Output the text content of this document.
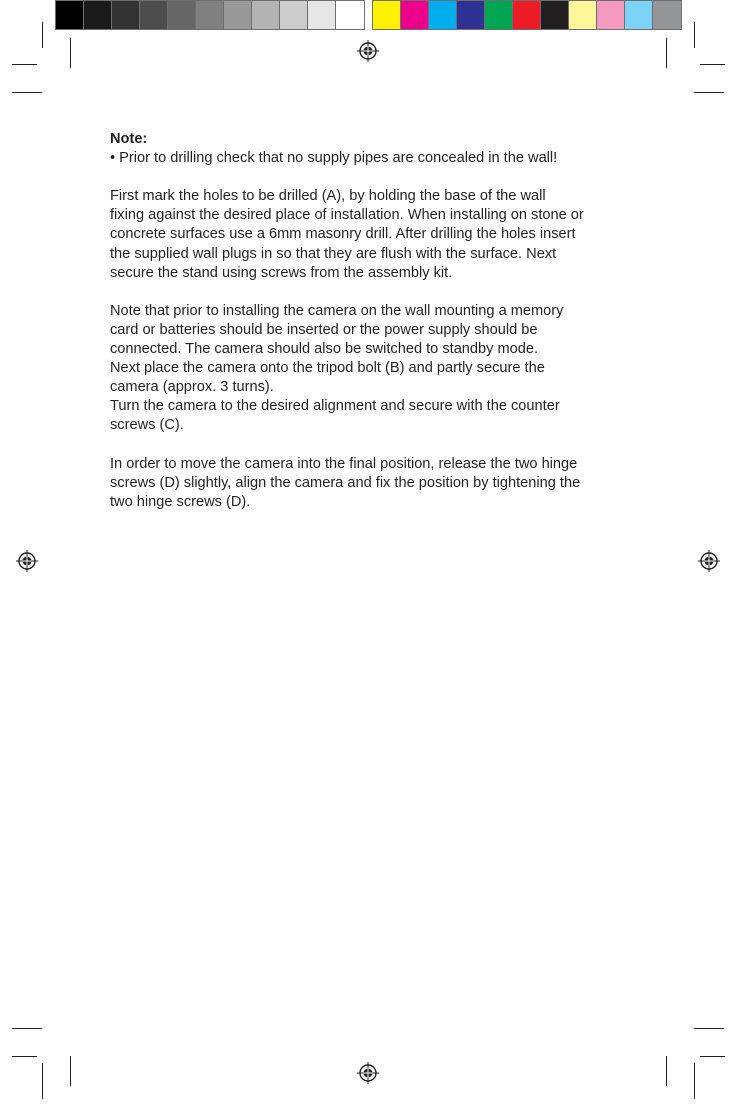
Note:
• Prior to drilling check that no supply pipes are concealed in the wall!

First mark the holes to be drilled (A), by holding the base of the wall
fixing against the desired place of installation. When installing on stone or
concrete surfaces use a 6mm masonry drill. After drilling the holes insert
the supplied wall plugs in so that they are flush with the surface. Next
secure the stand using screws from the assembly kit.

Note that prior to installing the camera on the wall mounting a memory
card or batteries should be inserted or the power supply should be
connected. The camera should also be switched to standby mode.
Next place the camera onto the tripod bolt (B) and partly secure the
camera (approx. 3 turns).
Turn the camera to the desired alignment and secure with the counter
screws (C).

In order to move the camera into the final position, release the two hinge
screws (D) slightly, align the camera and fix the position by tightening the
two hinge screws (D).
